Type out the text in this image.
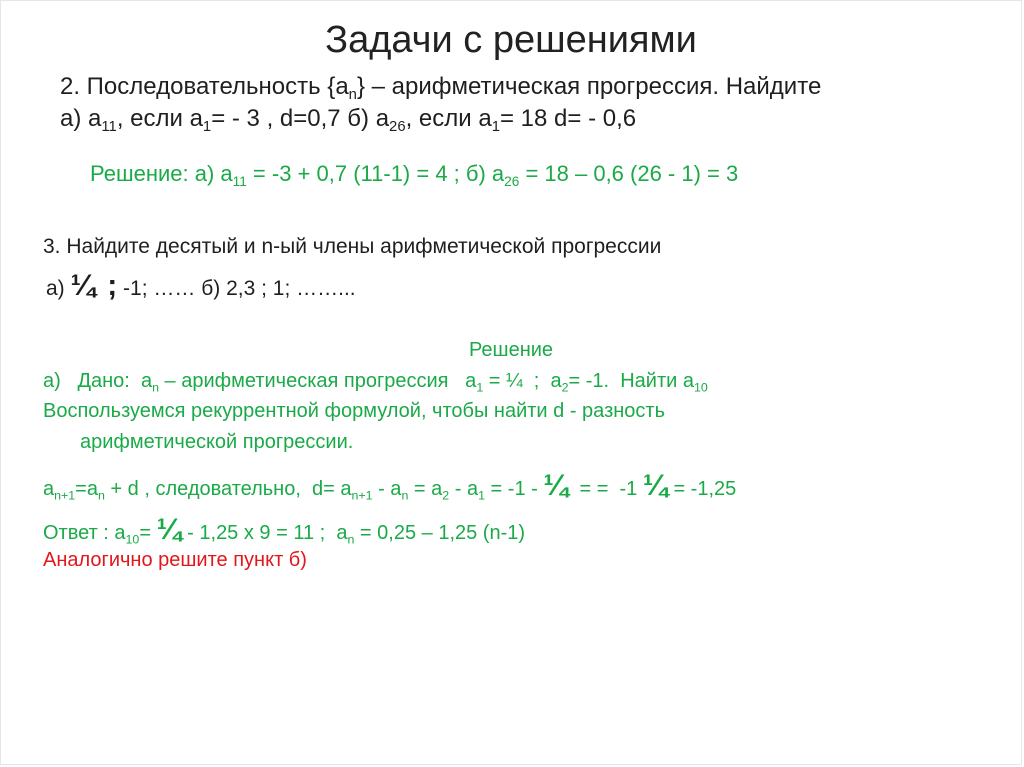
Задачи с решениями
2. Последовательность $\{a_n\}$ – арифметическая прогрессия. Найдите
а) $a_{11}$, если $a_1= - 3$ , d=0,7 б) $a_{26}$, если $a_1= 18$ d= - 0,6
Решение: а) $a_{11} = -3 + 0,7$ (11-1) = 4 ; б) $a_{26} = 18 - 0,6$ (26 - 1) = 3
3. Найдите десятый и n-ый члены арифметической прогрессии
а) ¼ ; -1; …… б) 2,3 ; 1; ……...
Решение
а)   Дано:  $a_n$ – арифметическая прогрессия   $a_1$ = ¼  ;  $a_2= -1$.  Найти $a_{10}$
Воспользуемся рекуррентной формулой, чтобы найти d - разность
арифметической прогрессии.
$a_{n+1}=a_n + d$ , следовательно,  $d= a_{n+1} - a_n = a_2 - a_1 = -1$ - ¼  = =  -1 ¼ = -1,25
Ответ : $a_{10}=$ ¼ - 1,25 x 9 = 11 ;  $a_n = 0,25 - 1,25$ (n-1)
Аналогично решите пункт б)
